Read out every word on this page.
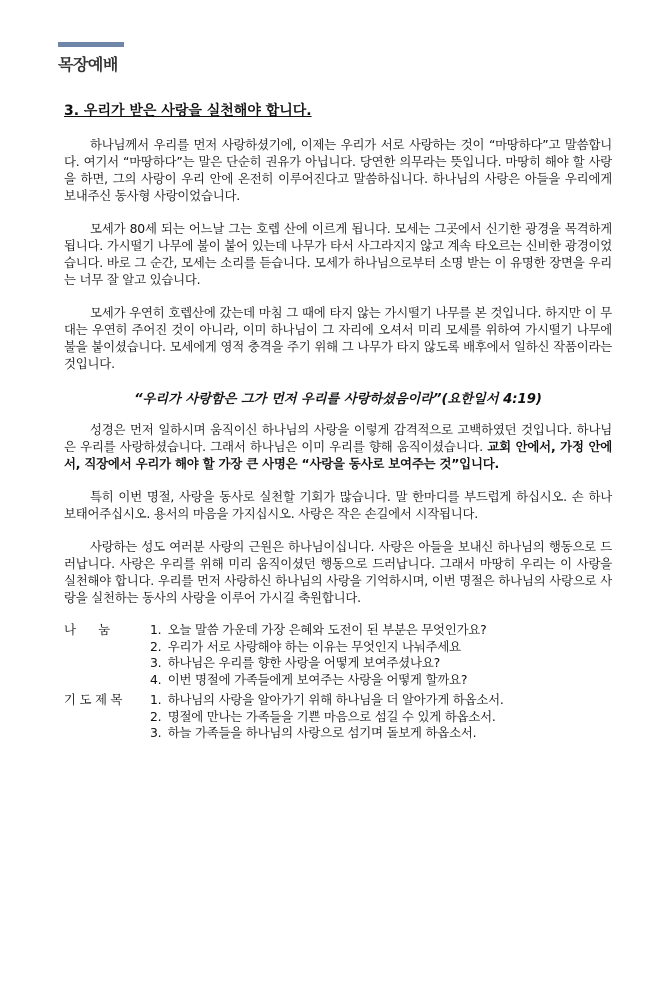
목장예배

3. 우리가 받은 사랑을 실천해야 합니다.

하나님께서 우리를 먼저 사랑하셨기에, 이제는 우리가 서로 사랑하는 것이 “마땅하다”고 말씀합니다. 여기서 “마땅하다”는 말은 단순히 권유가 아닙니다. 당연한 의무라는 뜻입니다. 마땅히 해야 할 사랑을 하면, 그의 사랑이 우리 안에 온전히 이루어진다고 말씀하십니다. 하나님의 사랑은 아들을 우리에게 보내주신 동사형 사랑이었습니다.

모세가 80세 되는 어느날 그는 호렙 산에 이르게 됩니다. 모세는 그곳에서 신기한 광경을 목격하게 됩니다. 가시떨기 나무에 불이 붙어 있는데 나무가 타서 사그라지지 않고 계속 타오르는 신비한 광경이었습니다. 바로 그 순간, 모세는 소리를 듣습니다. 모세가 하나님으로부터 소명 받는 이 유명한 장면을 우리는 너무 잘 알고 있습니다.

모세가 우연히 호렙산에 갔는데 마침 그 때에 타지 않는 가시떨기 나무를 본 것입니다. 하지만 이 무대는 우연히 주어진 것이 아니라, 이미 하나님이 그 자리에 오셔서 미리 모세를 위하여 가시떨기 나무에 불을 붙이셨습니다. 모세에게 영적 충격을 주기 위해 그 나무가 타지 않도록 배후에서 일하신 작품이라는 것입니다.

“우리가 사랑함은 그가 먼저 우리를 사랑하셨음이라”(요한일서 4:19)

성경은 먼저 일하시며 움직이신 하나님의 사랑을 이렇게 감격적으로 고백하였던 것입니다. 하나님은 우리를 사랑하셨습니다. 그래서 하나님은 이미 우리를 향해 움직이셨습니다. 교회 안에서, 가정 안에서, 직장에서 우리가 해야 할 가장 큰 사명은 “사랑을 동사로 보여주는 것”입니다.

특히 이번 명절, 사랑을 동사로 실천할 기회가 많습니다. 말 한마디를 부드럽게 하십시오. 손 하나 보태어주십시오. 용서의 마음을 가지십시오. 사랑은 작은 손길에서 시작됩니다.

사랑하는 성도 여러분 사랑의 근원은 하나님이십니다. 사랑은 아들을 보내신 하나님의 행동으로 드러납니다. 사랑은 우리를 위해 미리 움직이셨던 행동으로 드러납니다. 그래서 마땅히 우리는 이 사랑을 실천해야 합니다. 우리를 먼저 사랑하신 하나님의 사랑을 기억하시며, 이번 명절은 하나님의 사랑으로 사랑을 실천하는 동사의 사랑을 이루어 가시길 축원합니다.

나      눔	1. 오늘 말씀 가운데 가장 은혜와 도전이 된 부분은 무엇인가요?
2. 우리가 서로 사랑해야 하는 이유는 무엇인지 나눠주세요
3. 하나님은 우리를 향한 사랑을 어떻게 보여주셨나요?
4. 이번 명절에 가족들에게 보여주는 사랑을 어떻게 할까요?
기 도 제 목	1. 하나님의 사랑을 알아가기 위해 하나님을 더 알아가게 하옵소서.
2. 명절에 만나는 가족들을 기쁜 마음으로 섬길 수 있게 하옵소서.
3. 하늘 가족들을 하나님의 사랑으로 섬기며 돌보게 하옵소서.
